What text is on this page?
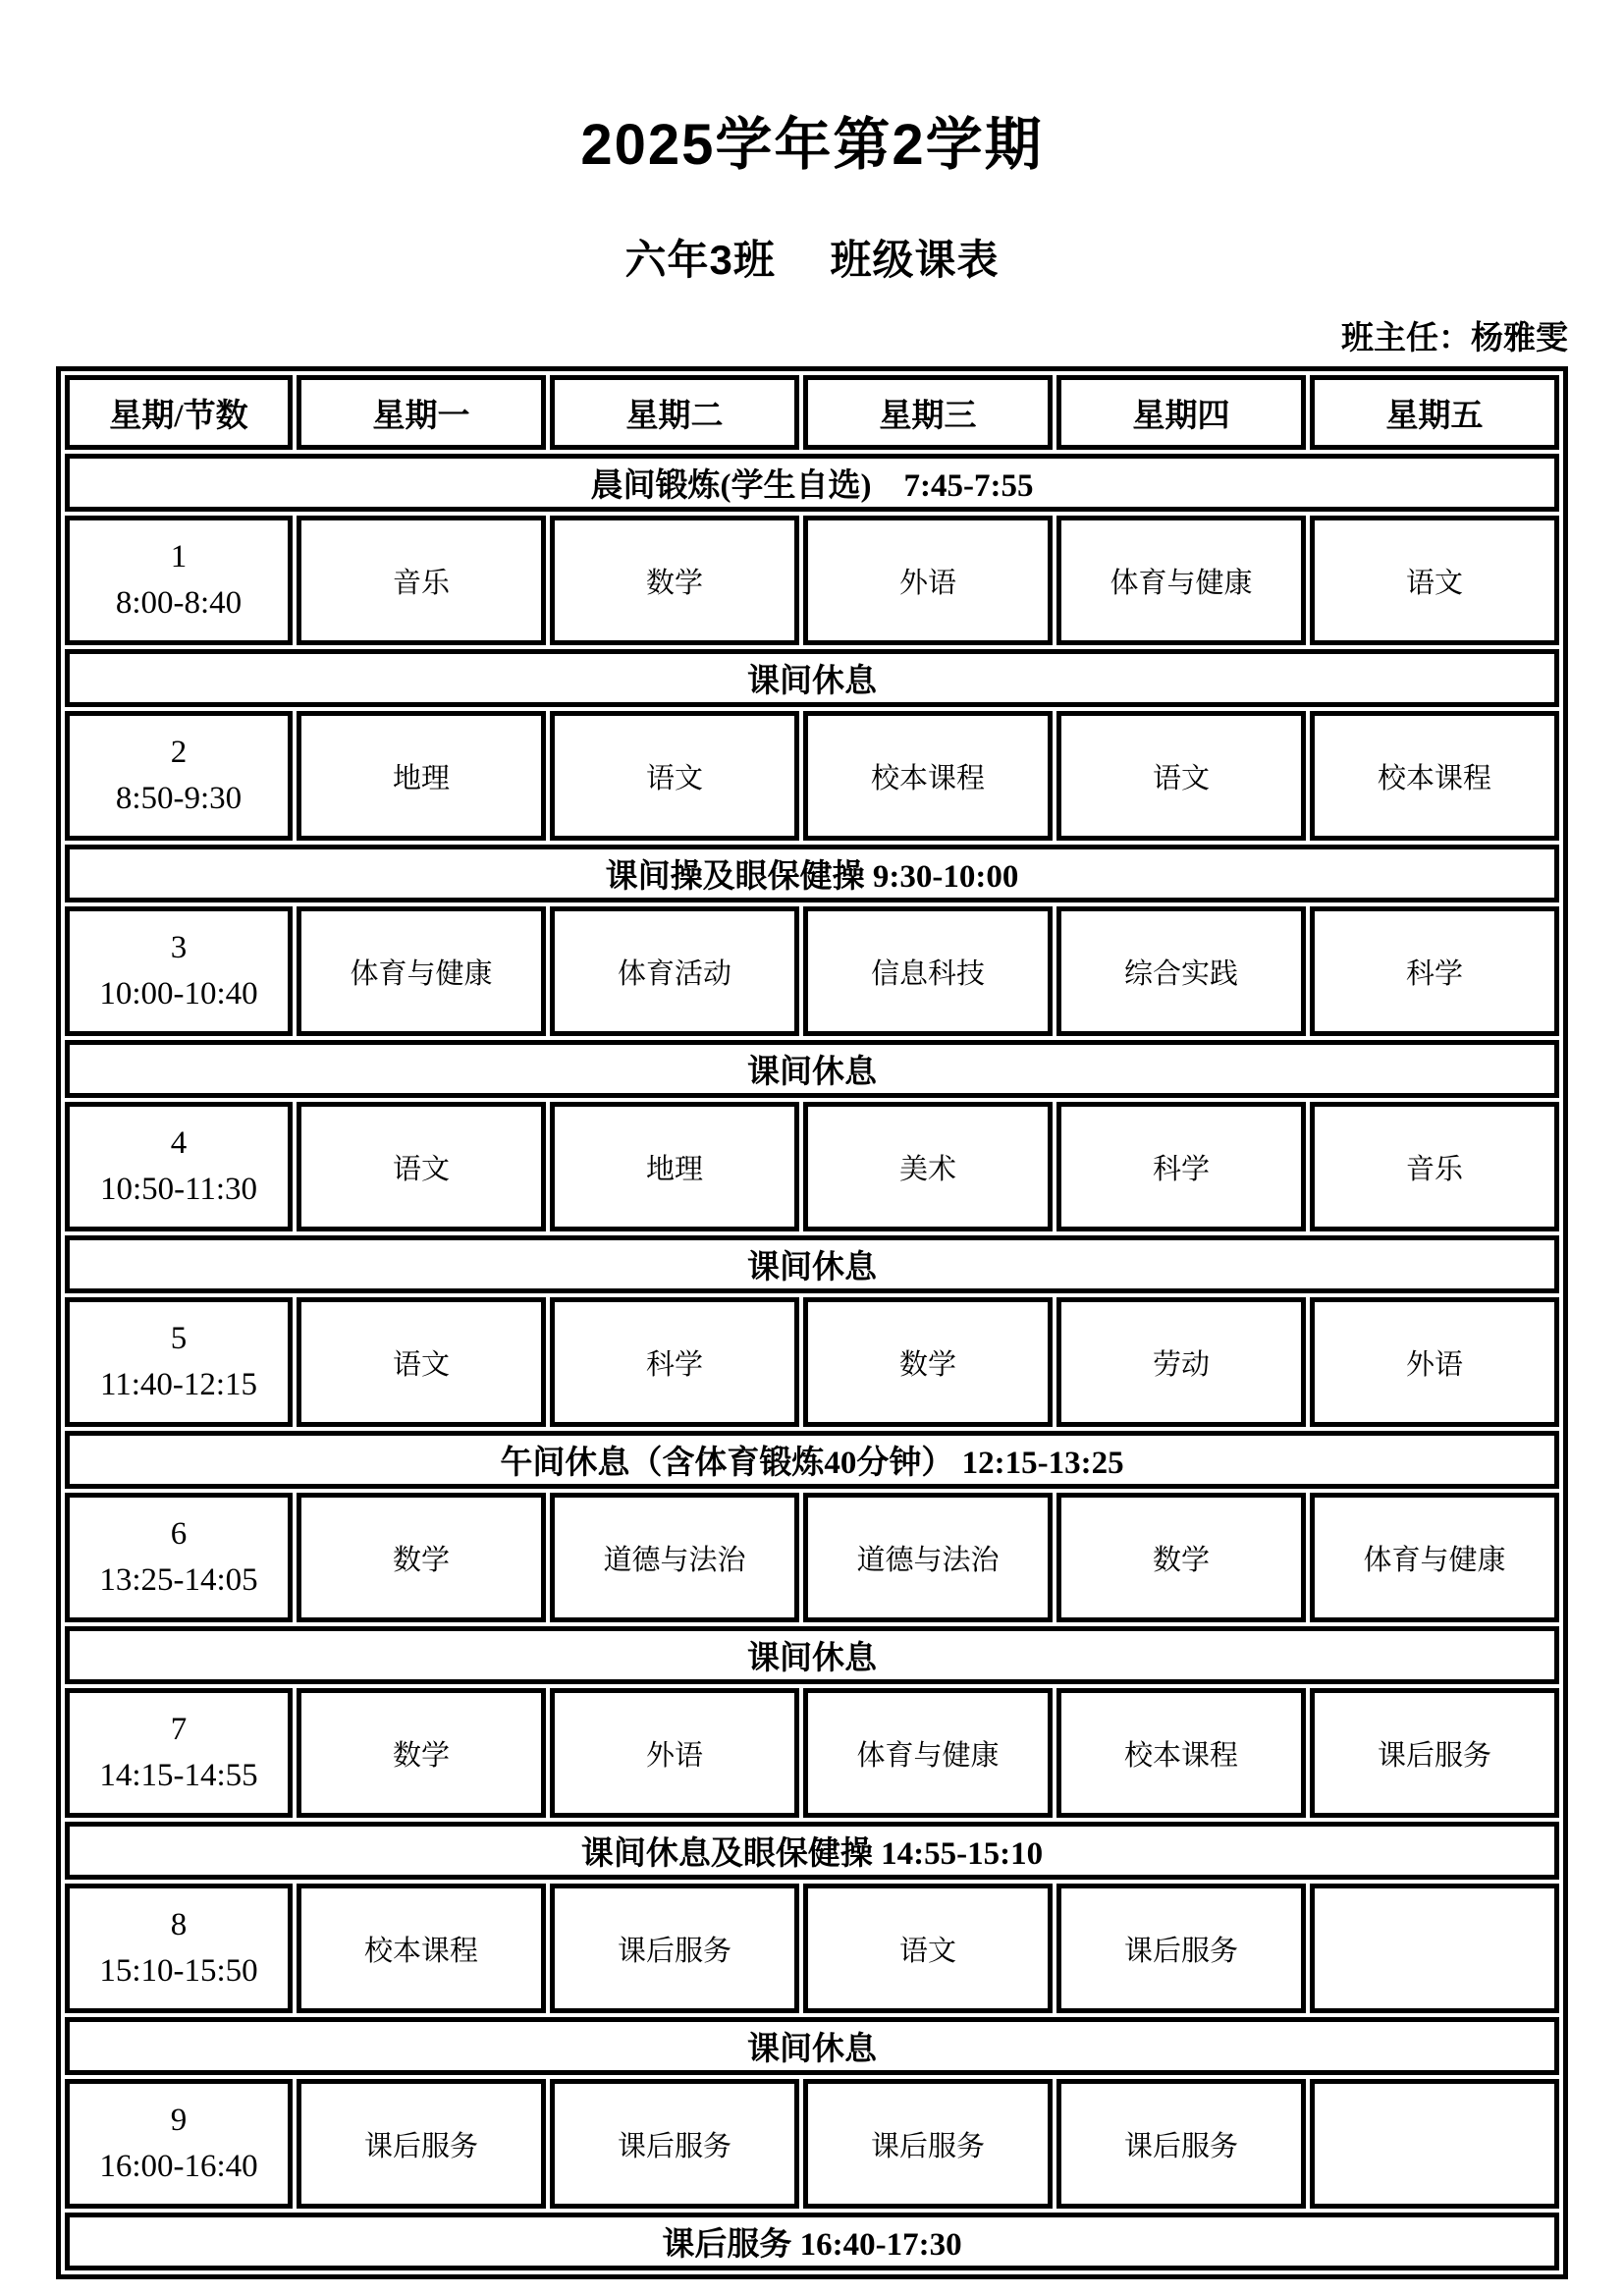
2025学年第2学期
六年3班　 班级课表
班主任：杨雅雯
星期/节数	星期一	星期二	星期三	星期四	星期五
晨间锻炼(学生自选)　7:45-7:55					

1
8:00-8:40	音乐	数学	外语	体育与健康	语文
课间休息					

2
8:50-9:30	地理	语文	校本课程	语文	校本课程
课间操及眼保健操 9:30-10:00					

3
10:00-10:40	体育与健康	体育活动	信息科技	综合实践	科学
课间休息					

4
10:50-11:30	语文	地理	美术	科学	音乐
课间休息					

5
11:40-12:15	语文	科学	数学	劳动	外语
午间休息（含体育锻炼40分钟） 12:15-13:25					

6
13:25-14:05	数学	道德与法治	道德与法治	数学	体育与健康
课间休息					

7
14:15-14:55	数学	外语	体育与健康	校本课程	课后服务
课间休息及眼保健操 14:55-15:10					

8
15:10-15:50	校本课程	课后服务	语文	课后服务	
课间休息					

9
16:00-16:40	课后服务	课后服务	课后服务	课后服务	
课后服务 16:40-17:30					
